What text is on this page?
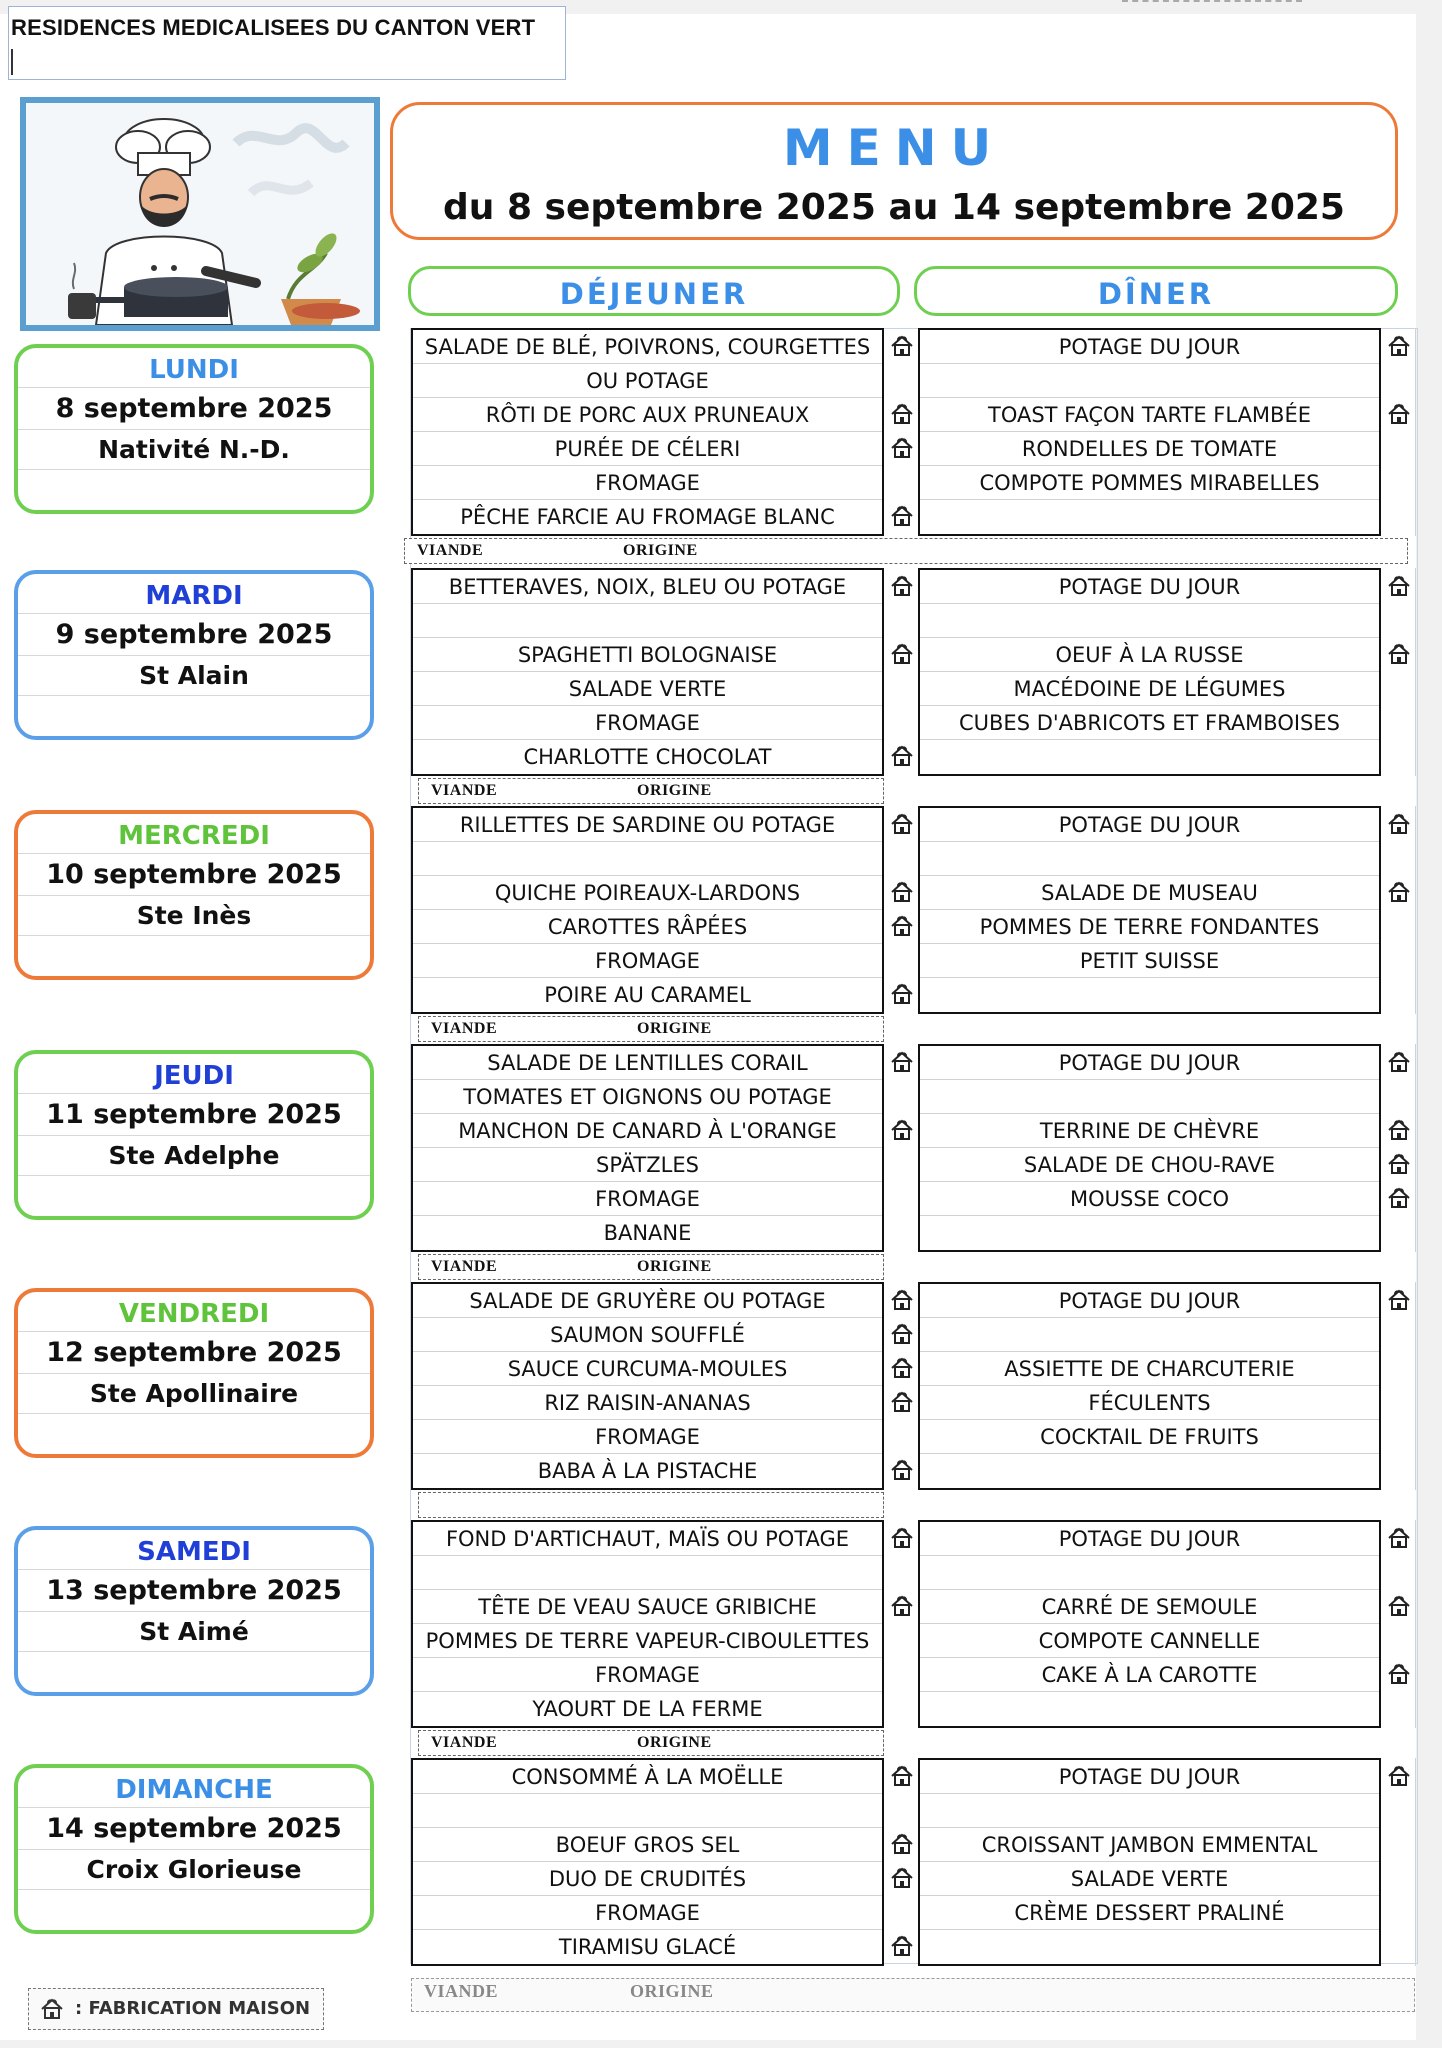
RESIDENCES MEDICALISEES DU CANTON VERT
MENU
du 8 septembre 2025 au 14 septembre 2025
DÉJEUNER	DÎNER
LUNDI
8 septembre 2025
Nativité N.-D.
SALADE DE BLÉ, POIVRONS, COURGETTES
OU POTAGE
RÔTI DE PORC AUX PRUNEAUX
PURÉE DE CÉLERI
FROMAGE
PÊCHE FARCIE AU FROMAGE BLANC
POTAGE DU JOUR
TOAST FAÇON TARTE FLAMBÉE
RONDELLES DE TOMATE
COMPOTE POMMES MIRABELLES
VIANDE	ORIGINE
MARDI
9 septembre 2025
St Alain
BETTERAVES, NOIX, BLEU OU POTAGE
SPAGHETTI BOLOGNAISE
SALADE VERTE
FROMAGE
CHARLOTTE CHOCOLAT
POTAGE DU JOUR
OEUF À LA RUSSE
MACÉDOINE DE LÉGUMES
CUBES D'ABRICOTS ET FRAMBOISES
VIANDE	ORIGINE
MERCREDI
10 septembre 2025
Ste Inès
RILLETTES DE SARDINE OU POTAGE
QUICHE POIREAUX-LARDONS
CAROTTES RÂPÉES
FROMAGE
POIRE AU CARAMEL
POTAGE DU JOUR
SALADE DE MUSEAU
POMMES DE TERRE FONDANTES
PETIT SUISSE
VIANDE	ORIGINE
JEUDI
11 septembre 2025
Ste Adelphe
SALADE DE LENTILLES CORAIL
TOMATES ET OIGNONS OU POTAGE
MANCHON DE CANARD À L'ORANGE
SPÄTZLES
FROMAGE
BANANE
POTAGE DU JOUR
TERRINE DE CHÈVRE
SALADE DE CHOU-RAVE
MOUSSE COCO
VIANDE	ORIGINE
VENDREDI
12 septembre 2025
Ste Apollinaire
SALADE DE GRUYÈRE OU POTAGE
SAUMON SOUFFLÉ
SAUCE CURCUMA-MOULES
RIZ RAISIN-ANANAS
FROMAGE
BABA À LA PISTACHE
POTAGE DU JOUR
ASSIETTE DE CHARCUTERIE
FÉCULENTS
COCKTAIL DE FRUITS
SAMEDI
13 septembre 2025
St Aimé
FOND D'ARTICHAUT, MAÏS OU POTAGE
TÊTE DE VEAU SAUCE GRIBICHE
POMMES DE TERRE VAPEUR-CIBOULETTES
FROMAGE
YAOURT DE LA FERME
POTAGE DU JOUR
CARRÉ DE SEMOULE
COMPOTE CANNELLE
CAKE À LA CAROTTE
VIANDE	ORIGINE
DIMANCHE
14 septembre 2025
Croix Glorieuse
CONSOMMÉ À LA MOËLLE
BOEUF GROS SEL
DUO DE CRUDITÉS
FROMAGE
TIRAMISU GLACÉ
POTAGE DU JOUR
CROISSANT JAMBON EMMENTAL
SALADE VERTE
CRÈME DESSERT PRALINÉ
VIANDE	ORIGINE
: FABRICATION MAISON
